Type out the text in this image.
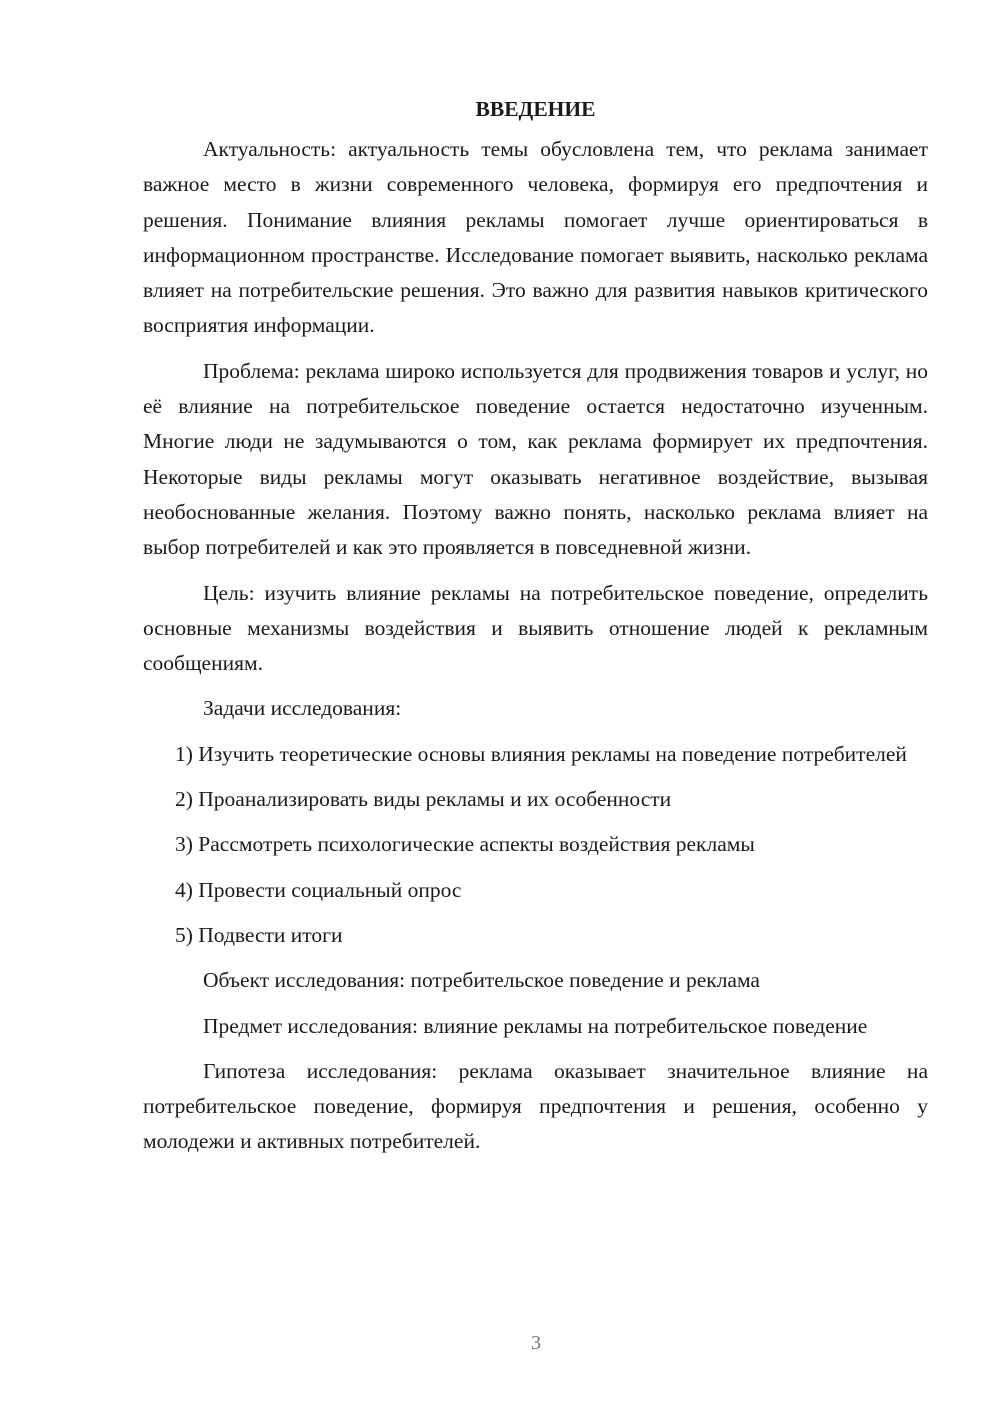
ВВЕДЕНИЕ

Актуальность: актуальность темы обусловлена тем, что реклама занимает важное место в жизни современного человека, формируя его предпочтения и решения. Понимание влияния рекламы помогает лучше ориентироваться в информационном пространстве. Исследование помогает выявить, насколько реклама влияет на потребительские решения. Это важно для развития навыков критического восприятия информации.

Проблема: реклама широко используется для продвижения товаров и услуг, но её влияние на потребительское поведение остается недостаточно изученным. Многие люди не задумываются о том, как реклама формирует их предпочтения. Некоторые виды рекламы могут оказывать негативное воздействие, вызывая необоснованные желания. Поэтому важно понять, насколько реклама влияет на выбор потребителей и как это проявляется в повседневной жизни.

Цель: изучить влияние рекламы на потребительское поведение, определить основные механизмы воздействия и выявить отношение людей к рекламным сообщениям.

Задачи исследования:

1) Изучить теоретические основы влияния рекламы на поведение потребителей

2) Проанализировать виды рекламы и их особенности

3) Рассмотреть психологические аспекты воздействия рекламы

4) Провести социальный опрос

5) Подвести итоги

Объект исследования: потребительское поведение и реклама

Предмет исследования: влияние рекламы на потребительское поведение

Гипотеза исследования: реклама оказывает значительное влияние на потребительское поведение, формируя предпочтения и решения, особенно у молодежи и активных потребителей.

3
